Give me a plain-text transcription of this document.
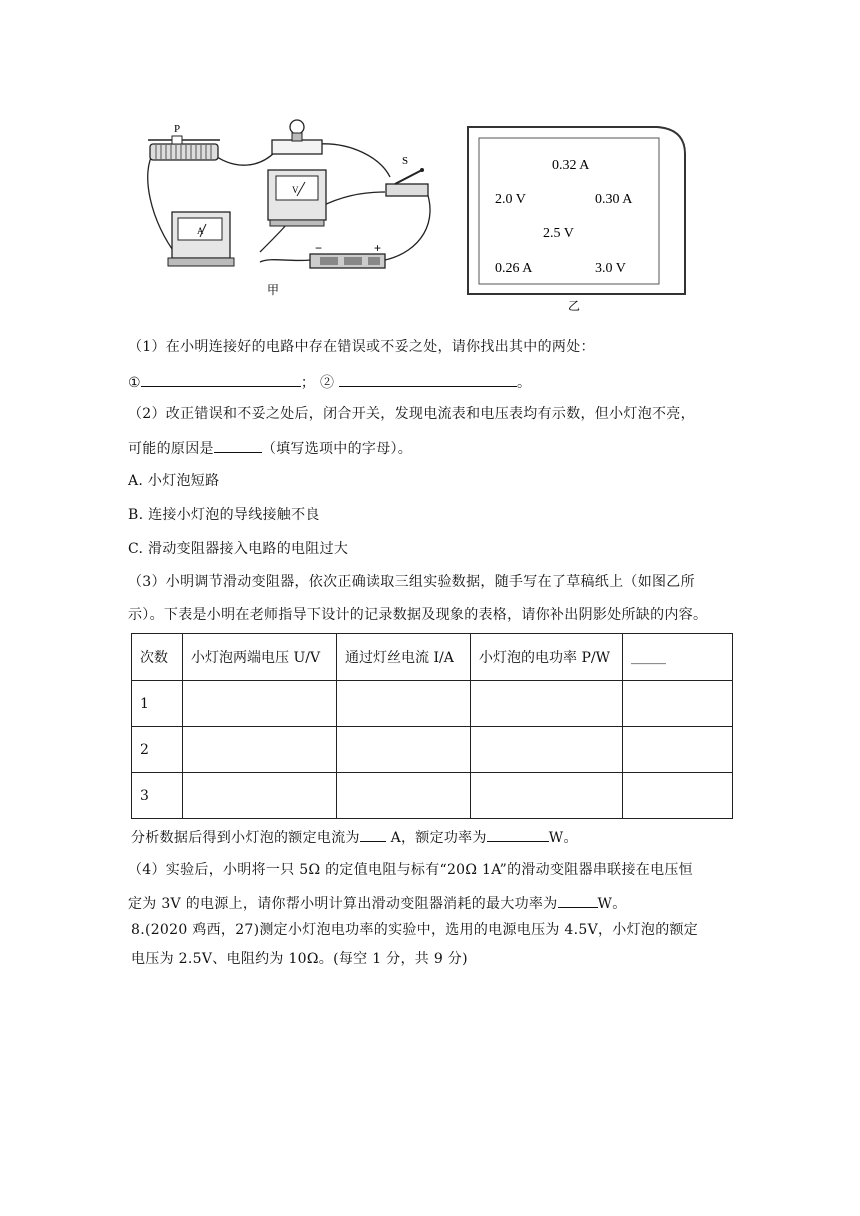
P
V
S
A
−	+
甲
0.32 A
2.0 V	0.30 A
2.5 V
0.26 A	3.0 V
乙
（1）在小明连接好的电路中存在错误或不妥之处，请你找出其中的两处：
①	； ②	。
（2）改正错误和不妥之处后，闭合开关，发现电流表和电压表均有示数，但小灯泡不亮，
可能的原因是	（填写选项中的字母）。
A. 小灯泡短路
B. 连接小灯泡的导线接触不良
C. 滑动变阻器接入电路的电阻过大
（3）小明调节滑动变阻器，依次正确读取三组实验数据，随手写在了草稿纸上（如图乙所
示）。下表是小明在老师指导下设计的记录数据及现象的表格，请你补出阴影处所缺的内容。
次数	小灯泡两端电压 U/V	通过灯丝电流 I/A	小灯泡的电功率 P/W	_____
1				
2				
3				
分析数据后得到小灯泡的额定电流为 A，额定功率为	W。
（4）实验后，小明将一只 5Ω 的定值电阻与标有“20Ω 1A”的滑动变阻器串联接在电压恒
定为 3V 的电源上，请你帮小明计算出滑动变阻器消耗的最大功率为	W。
8.(2020 鸡西，27)测定小灯泡电功率的实验中，选用的电源电压为 4.5V，小灯泡的额定
电压为 2.5V、电阻约为 10Ω。(每空 1 分，共 9 分)
